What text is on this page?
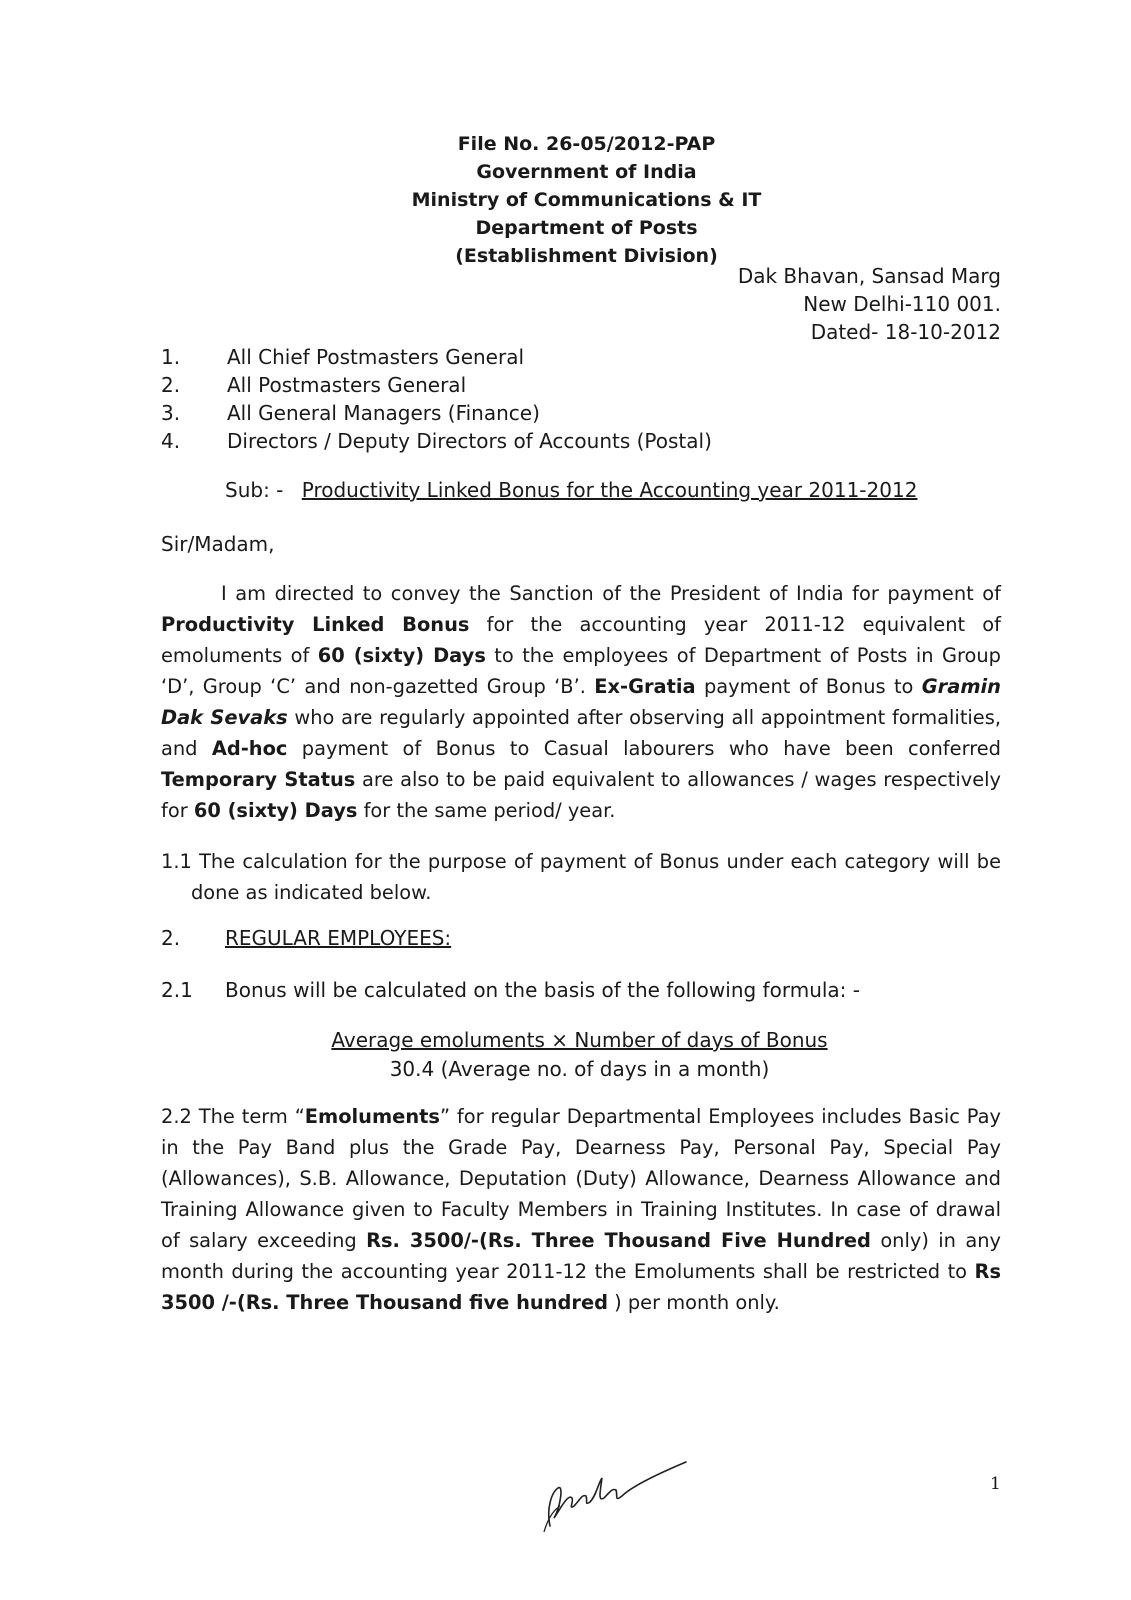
File No. 26-05/2012-PAP
Government of India
Ministry of Communications & IT
Department of Posts
(Establishment Division)
Dak Bhavan, Sansad Marg
New Delhi-110 001.
Dated- 18-10-2012
1.	All Chief Postmasters General
2.	All Postmasters General
3.	All General Managers (Finance)
4.	Directors / Deputy Directors of Accounts (Postal)
Sub: - Productivity Linked Bonus for the Accounting year 2011-2012
Sir/Madam,
I am directed to convey the Sanction of the President of India for payment of Productivity Linked Bonus for the accounting year 2011-12 equivalent of emoluments of 60 (sixty) Days to the employees of Department of Posts in Group ‘D’, Group ‘C’ and non-gazetted Group ‘B’. Ex-Gratia payment of Bonus to Gramin Dak Sevaks who are regularly appointed after observing all appointment formalities, and Ad-hoc payment of Bonus to Casual labourers who have been conferred Temporary Status are also to be paid equivalent to allowances / wages respectively for 60 (sixty) Days for the same period/ year.
1.1 The calculation for the purpose of payment of Bonus under each category will be done as indicated below.
2.	REGULAR EMPLOYEES:
2.1	Bonus will be calculated on the basis of the following formula: -
Average emoluments × Number of days of Bonus
30.4 (Average no. of days in a month)
2.2 The term “Emoluments” for regular Departmental Employees includes Basic Pay in the Pay Band plus the Grade Pay, Dearness Pay, Personal Pay, Special Pay (Allowances), S.B. Allowance, Deputation (Duty) Allowance, Dearness Allowance and Training Allowance given to Faculty Members in Training Institutes. In case of drawal of salary exceeding Rs. 3500/-(Rs. Three Thousand Five Hundred only) in any month during the accounting year 2011-12 the Emoluments shall be restricted to Rs 3500 /-(Rs. Three Thousand five hundred ) per month only.
1
